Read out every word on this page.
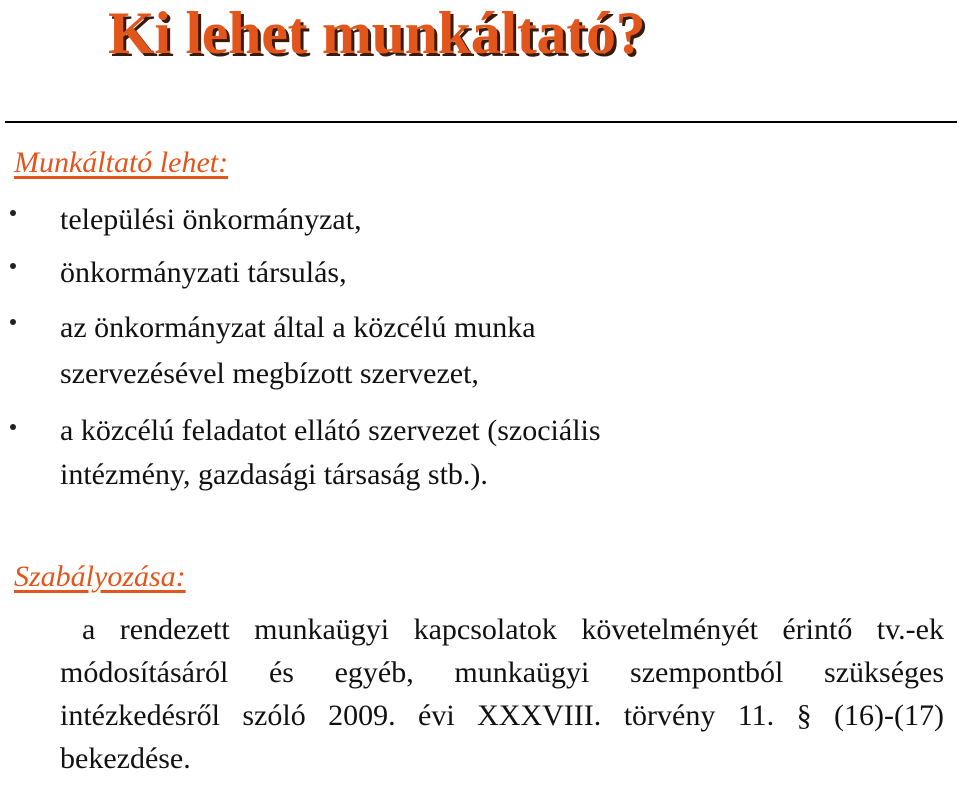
Ki lehet munkáltató?
Munkáltató lehet:
települési önkormányzat,
önkormányzati társulás,
az önkormányzat által a közcélú munka
szervezésével megbízott szervezet,
a közcélú feladatot ellátó szervezet (szociális
intézmény, gazdasági társaság stb.).
Szabályozása:

a rendezett munkaügyi kapcsolatok követelményét érintő tv.-ek módosításáról és egyéb, munkaügyi szempontból szükséges intézkedésről szóló 2009. évi XXXVIII. törvény 11. § (16)-(17) bekezdése.
